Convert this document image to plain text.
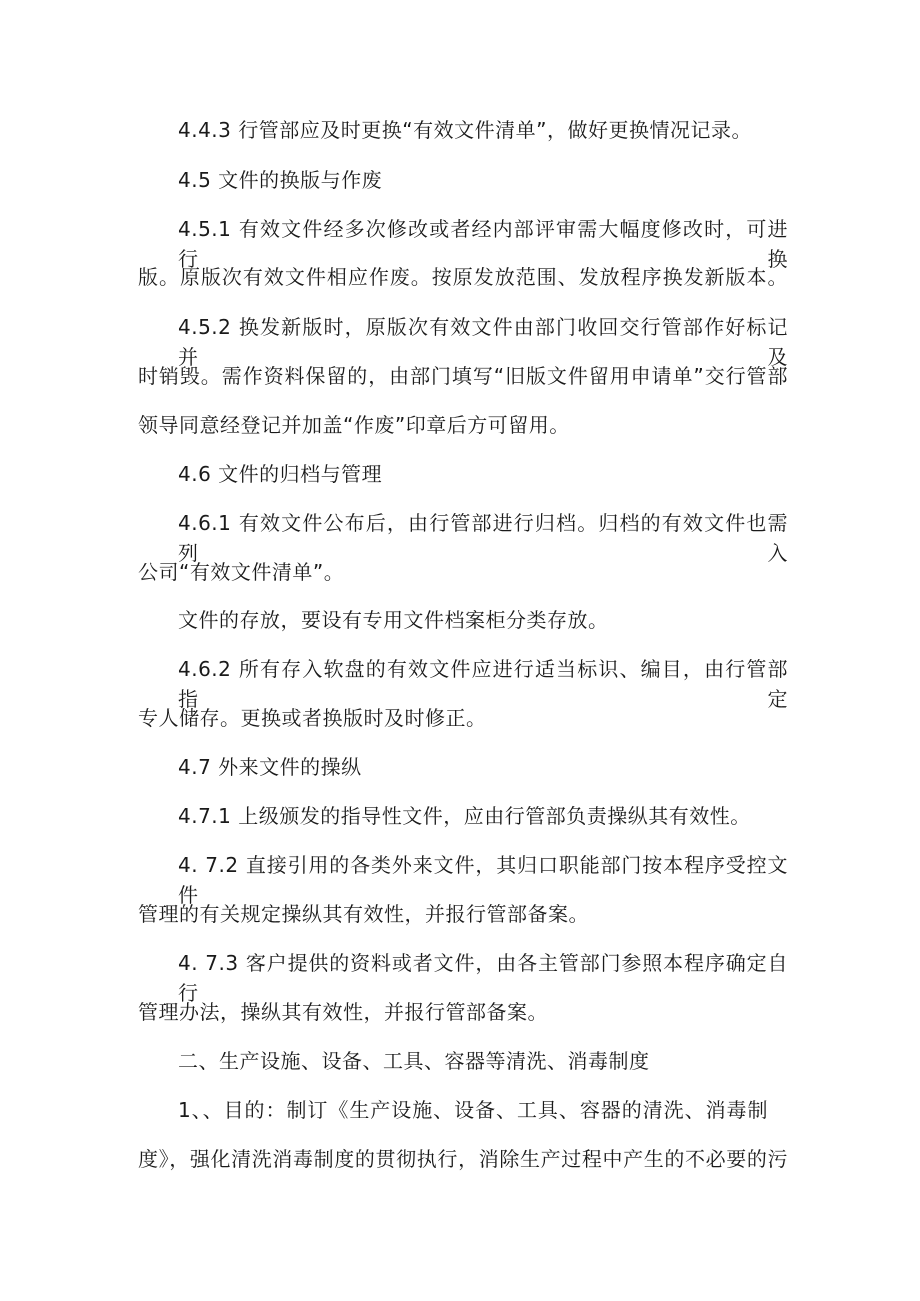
4.4.3 行管部应及时更换“有效文件清单”，做好更换情况记录。
4.5 文件的换版与作废
4.5.1 有效文件经多次修改或者经内部评审需大幅度修改时，可进行换
版。原版次有效文件相应作废。按原发放范围、发放程序换发新版本。
4.5.2 换发新版时，原版次有效文件由部门收回交行管部作好标记并及
时销毁。需作资料保留的，由部门填写“旧版文件留用申请单”交行管部
领导同意经登记并加盖“作废”印章后方可留用。
4.6 文件的归档与管理
4.6.1 有效文件公布后，由行管部进行归档。归档的有效文件也需列入
公司“有效文件清单”。
文件的存放，要设有专用文件档案柜分类存放。
4.6.2 所有存入软盘的有效文件应进行适当标识、编目，由行管部指定
专人储存。更换或者换版时及时修正。
4.7 外来文件的操纵
4.7.1 上级颁发的指导性文件，应由行管部负责操纵其有效性。
4. 7.2 直接引用的各类外来文件，其归口职能部门按本程序受控文件
管理的有关规定操纵其有效性，并报行管部备案。
4. 7.3 客户提供的资料或者文件，由各主管部门参照本程序确定自行
管理办法，操纵其有效性，并报行管部备案。
二、生产设施、设备、工具、容器等清洗、消毒制度
1、、目的：制订《生产设施、设备、工具、容器的清洗、消毒制
度》，强化清洗消毒制度的贯彻执行，消除生产过程中产生的不必要的污
